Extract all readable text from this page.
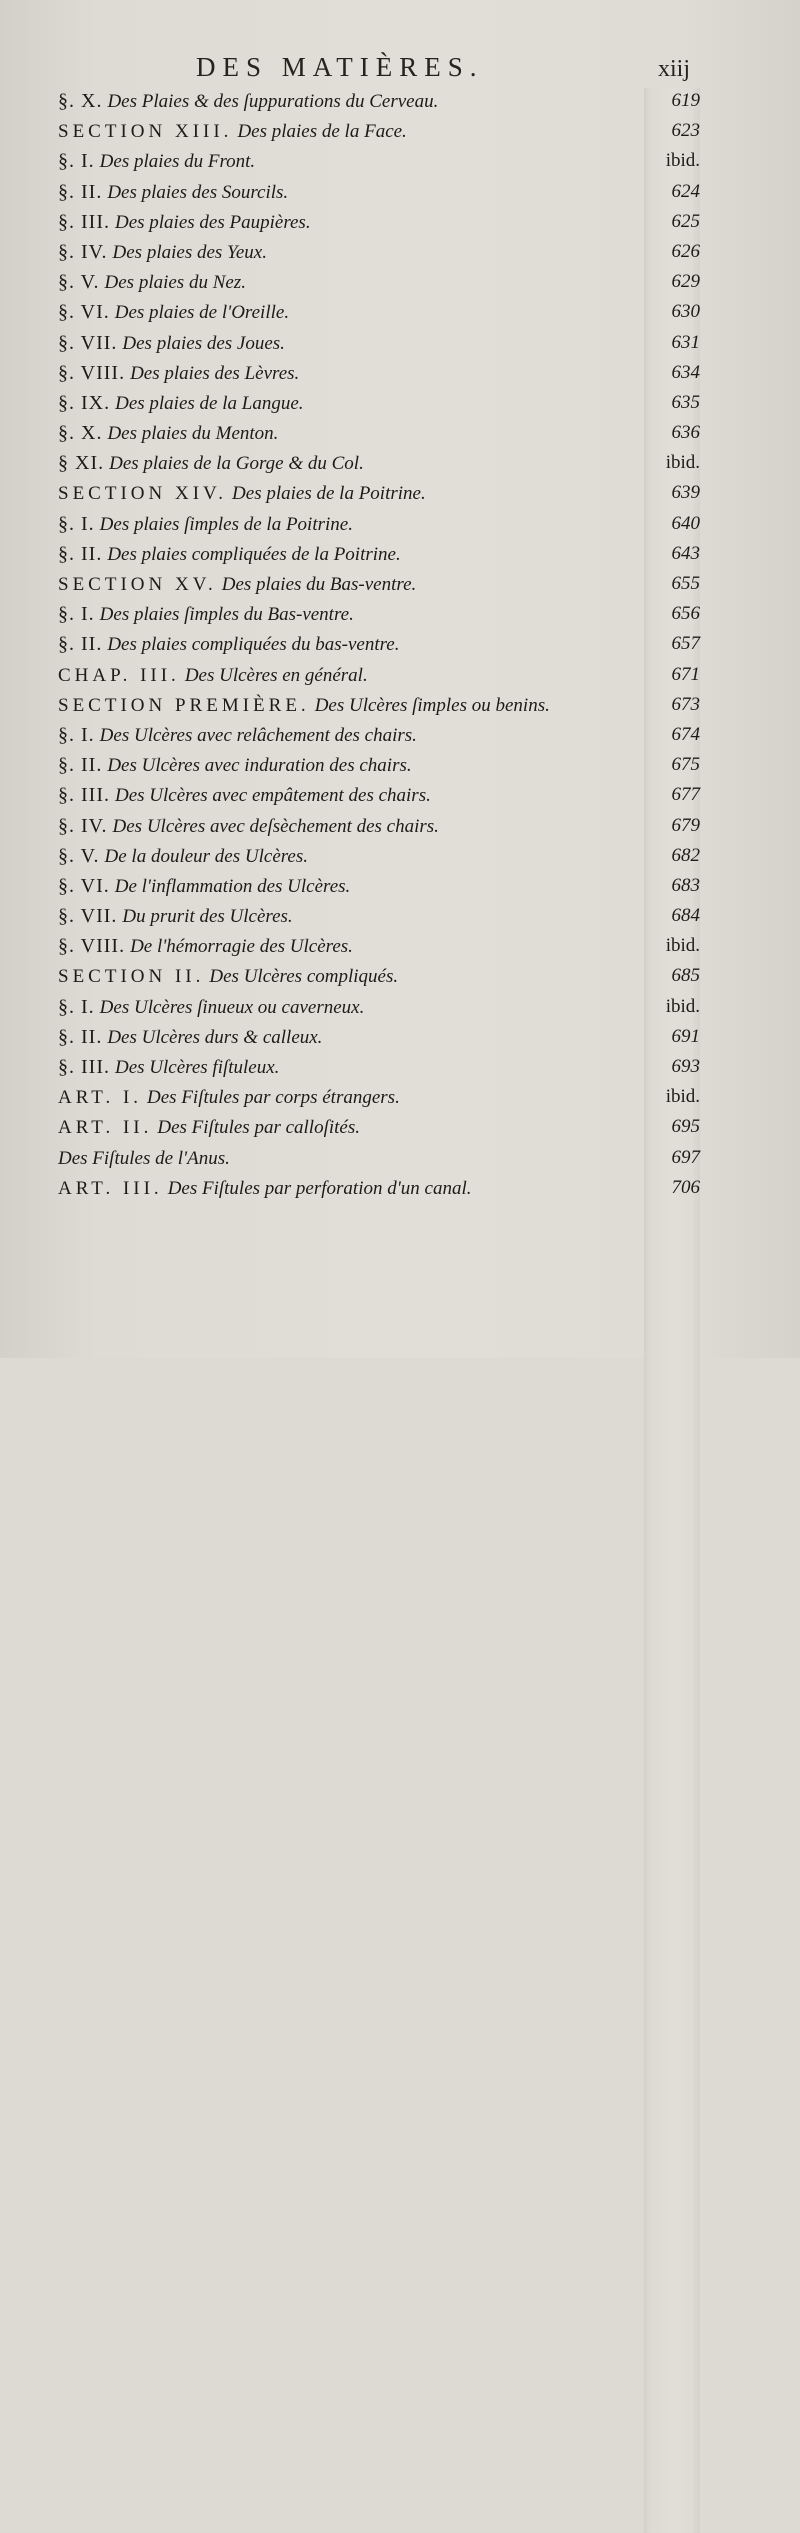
DES MATIÈRES.	xiij
§. X. Des Plaies & des ſuppurations du Cerveau.	619
SECTION XIII. Des plaies de la Face.	623
§. I. Des plaies du Front.	ibid.
§. II. Des plaies des Sourcils.	624
§. III. Des plaies des Paupières.	625
§. IV. Des plaies des Yeux.	626
§. V. Des plaies du Nez.	629
§. VI. Des plaies de l'Oreille.	630
§. VII. Des plaies des Joues.	631
§. VIII. Des plaies des Lèvres.	634
§. IX. Des plaies de la Langue.	635
§. X. Des plaies du Menton.	636
§ XI. Des plaies de la Gorge & du Col.	ibid.
SECTION XIV. Des plaies de la Poitrine.	639
§. I. Des plaies ſimples de la Poitrine.	640
§. II. Des plaies compliquées de la Poitrine.	643
SECTION XV. Des plaies du Bas-ventre.	655
§. I. Des plaies ſimples du Bas-ventre.	656
§. II. Des plaies compliquées du bas-ventre.	657
CHAP. III. Des Ulcères en général.	671
SECTION PREMIÈRE. Des Ulcères ſimples ou benins.	673
§. I. Des Ulcères avec relâchement des chairs.	674
§. II. Des Ulcères avec induration des chairs.	675
§. III. Des Ulcères avec empâtement des chairs.	677
§. IV. Des Ulcères avec deſsèchement des chairs.	679
§. V. De la douleur des Ulcères.	682
§. VI. De l'inflammation des Ulcères.	683
§. VII. Du prurit des Ulcères.	684
§. VIII. De l'hémorragie des Ulcères.	ibid.
SECTION II. Des Ulcères compliqués.	685
§. I. Des Ulcères ſinueux ou caverneux.	ibid.
§. II. Des Ulcères durs & calleux.	691
§. III. Des Ulcères fiſtuleux.	693
ART. I. Des Fiſtules par corps étrangers.	ibid.
ART. II. Des Fiſtules par calloſités.	695
Des Fiſtules de l'Anus.	697
ART. III. Des Fiſtules par perforation d'un canal.	706
